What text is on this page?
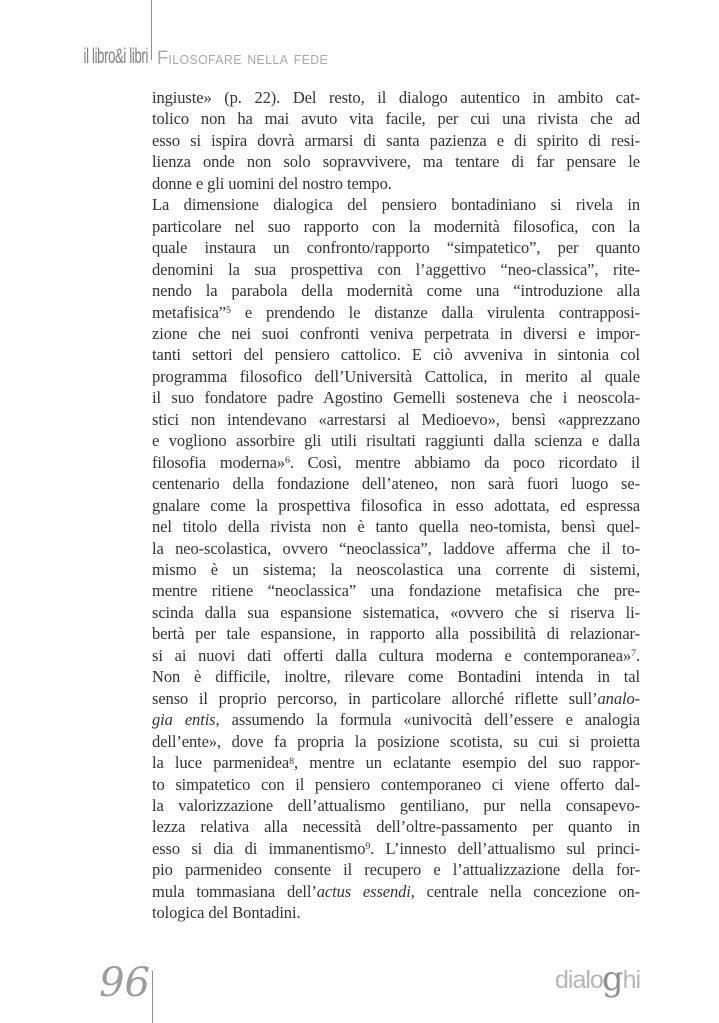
il libro&i libri Filosofare nella fede
ingiuste» (p. 22). Del resto, il dialogo autentico in ambito cat-
tolico non ha mai avuto vita facile, per cui una rivista che ad
esso si ispira dovrà armarsi di santa pazienza e di spirito di resi-
lienza onde non solo sopravvivere, ma tentare di far pensare le
donne e gli uomini del nostro tempo.
La dimensione dialogica del pensiero bontadiniano si rivela in
particolare nel suo rapporto con la modernità filosofica, con la
quale instaura un confronto/rapporto “simpatetico”, per quanto
denomini la sua prospettiva con l’aggettivo “neo-classica”, rite-
nendo la parabola della modernità come una “introduzione alla
metafisica”$^5$ e prendendo le distanze dalla virulenta contrapposi-
zione che nei suoi confronti veniva perpetrata in diversi e impor-
tanti settori del pensiero cattolico. E ciò avveniva in sintonia col
programma filosofico dell’Università Cattolica, in merito al quale
il suo fondatore padre Agostino Gemelli sosteneva che i neoscola-
stici non intendevano «arrestarsi al Medioevo», bensì «apprezzano
e vogliono assorbire gli utili risultati raggiunti dalla scienza e dalla
filosofia moderna»$^6$. Così, mentre abbiamo da poco ricordato il
centenario della fondazione dell’ateneo, non sarà fuori luogo se-
gnalare come la prospettiva filosofica in esso adottata, ed espressa
nel titolo della rivista non è tanto quella neo-tomista, bensì quel-
la neo-scolastica, ovvero “neoclassica”, laddove afferma che il to-
mismo è un sistema; la neoscolastica una corrente di sistemi,
mentre ritiene “neoclassica” una fondazione metafisica che pre-
scinda dalla sua espansione sistematica, «ovvero che si riserva li-
bertà per tale espansione, in rapporto alla possibilità di relazionar-
si ai nuovi dati offerti dalla cultura moderna e contemporanea»$^7$.
Non è difficile, inoltre, rilevare come Bontadini intenda in tal
senso il proprio percorso, in particolare allorché riflette sull’analo-
gia entis, assumendo la formula «univocità dell’essere e analogia
dell’ente», dove fa propria la posizione scotista, su cui si proietta
la luce parmenidea$^8$, mentre un eclatante esempio del suo rappor-
to simpatetico con il pensiero contemporaneo ci viene offerto dal-
la valorizzazione dell’attualismo gentiliano, pur nella consapevo-
lezza relativa alla necessità dell’oltre-passamento per quanto in
esso si dia di immanentismo$^9$. L’innesto dell’attualismo sul princi-
pio parmenideo consente il recupero e l’attualizzazione della for-
mula tommasiana dell’actus essendi, centrale nella concezione on-
tologica del Bontadini.
96	dialoghi
